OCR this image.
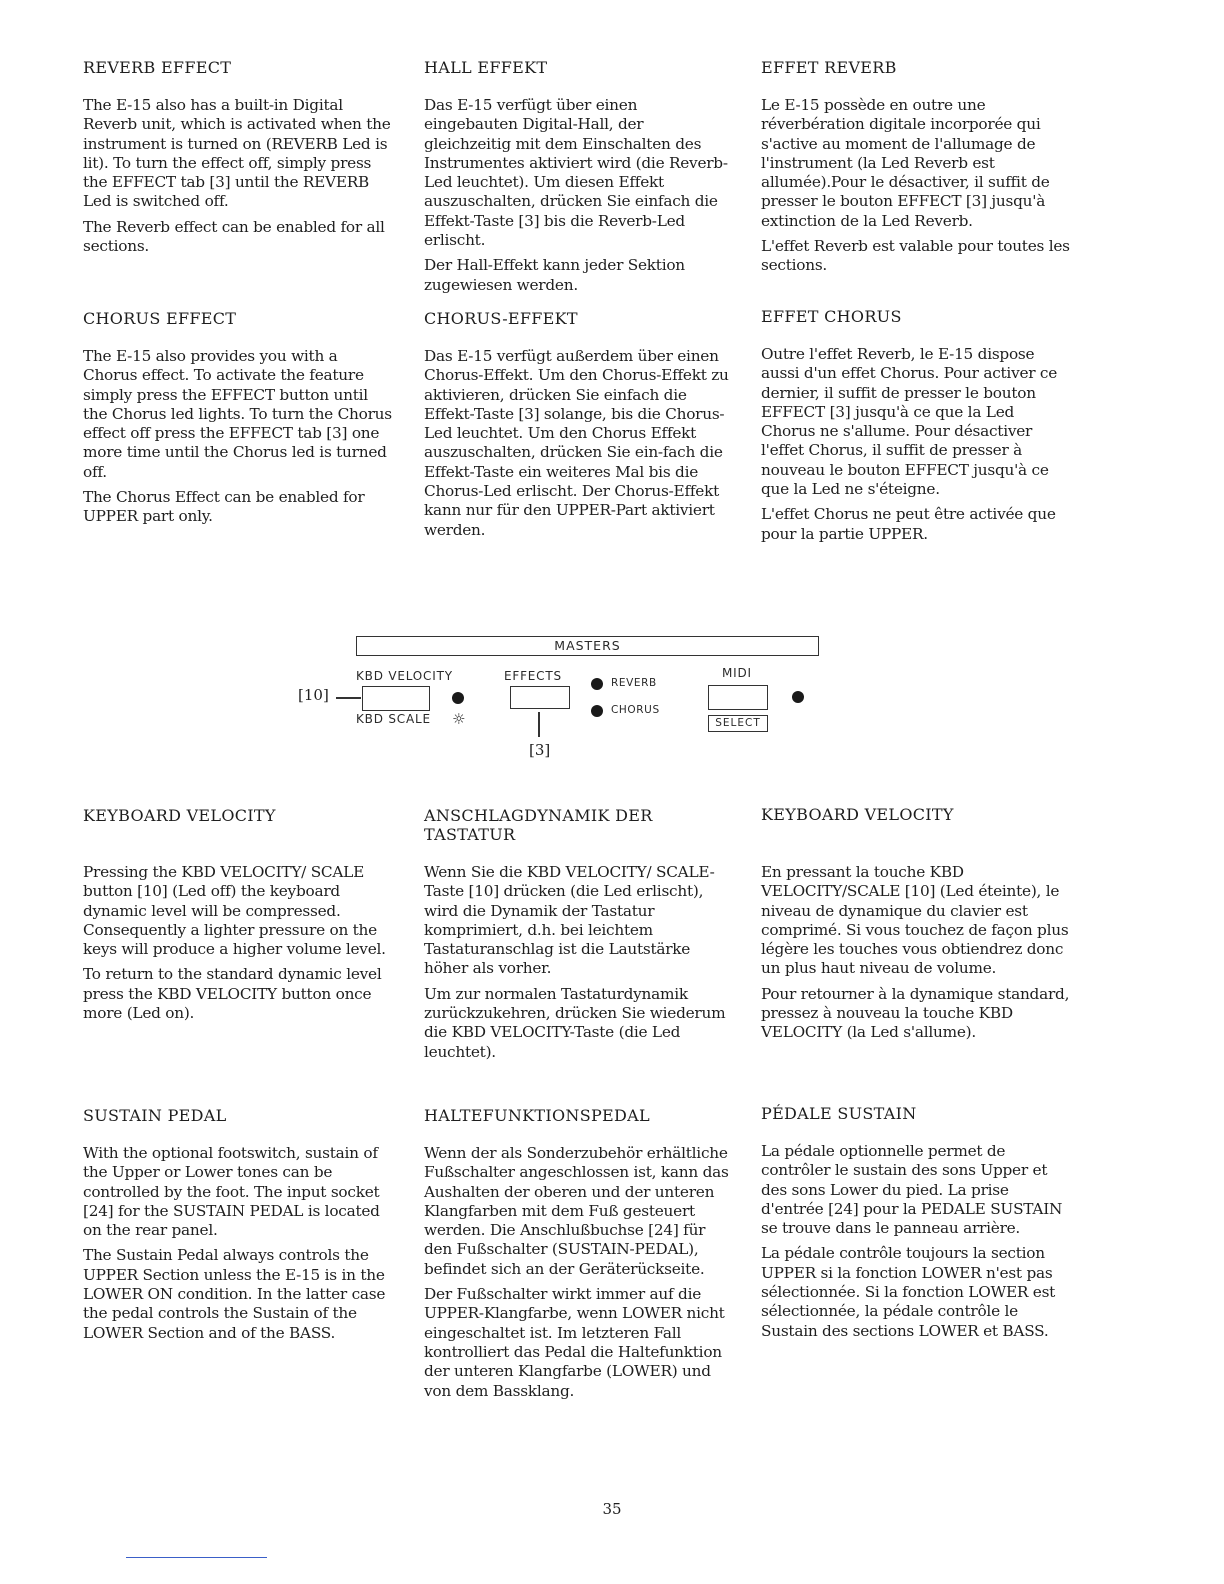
REVERB EFFECT

The E-15 also has a built-in Digital Reverb unit, which is activated when the instrument is turned on (REVERB Led is lit). To turn the effect off, simply press the EFFECT tab [3] until the REVERB Led is switched off.

The Reverb effect can be enabled for all sections.

HALL EFFEKT

Das E-15 verfügt über einen eingebauten Digital-Hall, der gleichzeitig mit dem Einschalten des Instrumentes aktiviert wird (die Reverb-Led leuchtet). Um diesen Effekt auszuschalten, drücken Sie einfach die Effekt-Taste [3] bis die Reverb-Led erlischt.

Der Hall-Effekt kann jeder Sektion zugewiesen werden.

EFFET REVERB

Le E-15 possède en outre une réverbération digitale incorporée qui s'active au moment de l'allumage de l'instrument (la Led Reverb est allumée).Pour le désactiver, il suffit de presser le bouton EFFECT [3] jusqu'à extinction de la Led Reverb.

L'effet Reverb est valable pour toutes les sections.

CHORUS EFFECT

The E-15 also provides you with a Chorus effect. To activate the feature simply press the EFFECT button until the Chorus led lights. To turn the Chorus effect off press the EFFECT tab [3] one more time until the Chorus led is turned off.

The Chorus Effect can be enabled for UPPER part only.

CHORUS-EFFEKT

Das E-15 verfügt außerdem über einen Chorus-Effekt. Um den Chorus-Effekt zu aktivieren, drücken Sie einfach die Effekt-Taste [3] solange, bis die Chorus-Led leuchtet. Um den Chorus Effekt auszuschalten, drücken Sie ein-fach die Effekt-Taste ein weiteres Mal bis die Chorus-Led erlischt. Der Chorus-Effekt kann nur für den UPPER-Part aktiviert werden.

EFFET CHORUS

Outre l'effet Reverb, le E-15 dispose aussi d'un effet Chorus. Pour activer ce dernier, il suffit de presser le bouton EFFECT [3] jusqu'à ce que la Led Chorus ne s'allume. Pour désactiver l'effet Chorus, il suffit de presser à nouveau le bouton EFFECT jusqu'à ce que la Led ne s'éteigne.

L'effet Chorus ne peut être activée que pour la partie UPPER.

MASTERS
KBD VELOCITY
[10]
KBD SCALE ☼
EFFECTS
[3]
REVERB
CHORUS
MIDI
SELECT
KEYBOARD VELOCITY

Pressing the KBD VELOCITY/ SCALE button [10] (Led off) the keyboard dynamic level will be compressed. Consequently a lighter pressure on the keys will produce a higher volume level.

To return to the standard dynamic level press the KBD VELOCITY button once more (Led on).

ANSCHLAGDYNAMIK DER
TASTATUR

Wenn Sie die KBD VELOCITY/ SCALE-Taste [10] drücken (die Led erlischt), wird die Dynamik der Tastatur komprimiert, d.h. bei leichtem Tastaturanschlag ist die Lautstärke höher als vorher.

Um zur normalen Tastaturdynamik zurückzukehren, drücken Sie wiederum die KBD VELOCITY-Taste (die Led leuchtet).

KEYBOARD VELOCITY

En pressant la touche KBD VELOCITY/SCALE [10] (Led éteinte), le niveau de dynamique du clavier est comprimé. Si vous touchez de façon plus légère les touches vous obtiendrez donc un plus haut niveau de volume.

Pour retourner à la dynamique standard, pressez à nouveau la touche KBD VELOCITY (la Led s'allume).

SUSTAIN PEDAL

With the optional footswitch, sustain of the Upper or Lower tones can be controlled by the foot. The input socket [24] for the SUSTAIN PEDAL is located on the rear panel.

The Sustain Pedal always controls the UPPER Section unless the E-15 is in the LOWER ON condition. In the latter case the pedal controls the Sustain of the LOWER Section and of the BASS.

HALTEFUNKTIONSPEDAL

Wenn der als Sonderzubehör erhältliche Fußschalter angeschlossen ist, kann das Aushalten der oberen und der unteren Klangfarben mit dem Fuß gesteuert werden. Die Anschlußbuchse [24] für den Fußschalter (SUSTAIN-PEDAL), befindet sich an der Geräterückseite.

Der Fußschalter wirkt immer auf die UPPER-Klangfarbe, wenn LOWER nicht eingeschaltet ist. Im letzteren Fall kontrolliert das Pedal die Haltefunktion der unteren Klangfarbe (LOWER) und von dem Bassklang.

PÉDALE SUSTAIN

La pédale optionnelle permet de contrôler le sustain des sons Upper et des sons Lower du pied. La prise d'entrée [24] pour la PEDALE SUSTAIN se trouve dans le panneau arrière.

La pédale contrôle toujours la section UPPER si la fonction LOWER n'est pas sélectionnée. Si la fonction LOWER est sélectionnée, la pédale contrôle le Sustain des sections LOWER et BASS.

35
